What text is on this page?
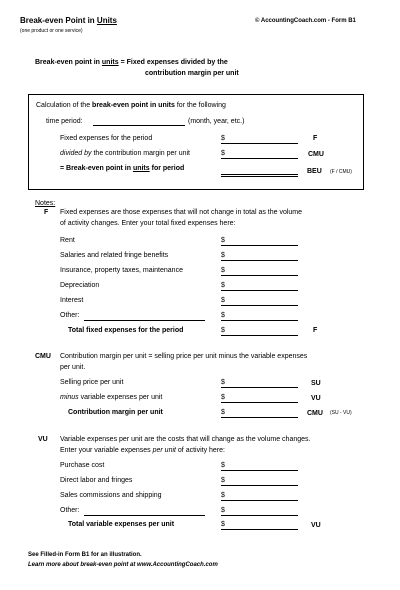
Break-even Point in Units
(one product or one service)
© AccountingCoach.com - Form B1
Break-even point in units = Fixed expenses divided by the
contribution margin per unit
Calculation of the break-even point in units for the following
time period:	(month, year, etc.)
Fixed expenses for the period	$	F
divided by the contribution margin per unit	$	CMU
= Break-even point in units for period	BEU (F / CMU)
Notes:
F Fixed expenses are those expenses that will not change in total as the volume
of activity changes. Enter your total fixed expenses here:
Rent	$
Salaries and related fringe benefits	$
Insurance, property taxes, maintenance	$
Depreciation	$
Interest	$
Other:	$
Total fixed expenses for the period	$	F
CMU Contribution margin per unit = selling price per unit minus the variable expenses
per unit.
Selling price per unit	$	SU
minus variable expenses per unit	$	VU
Contribution margin per unit	$	CMU (SU - VU)
VU Variable expenses per unit are the costs that will change as the volume changes.
Enter your variable expenses per unit of activity here:
Purchase cost	$
Direct labor and fringes	$
Sales commissions and shipping	$
Other:	$
Total variable expenses per unit	$	VU
See Filled-in Form B1 for an illustration.
Learn more about break-even point at www.AccountingCoach.com
